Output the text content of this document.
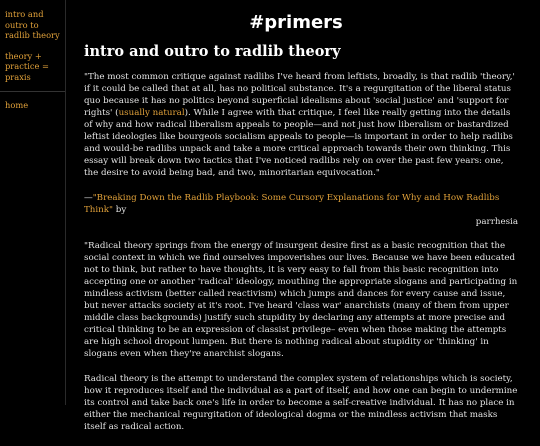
intro and outro to radlib theory
theory + practice = praxis
home
#primers
intro and outro to radlib theory

"The most common critique against radlibs I've heard from leftists, broadly, is that radlib 'theory,' if it could be called that at all, has no political substance. It's a regurgitation of the liberal status quo because it has no politics beyond superficial idealisms about 'social justice' and 'support for rights' (usually natural). While I agree with that critique, I feel like really getting into the details of why and how radical liberalism appeals to people—and not just how liberalism or bastardized leftist ideologies like bourgeois socialism appeals to people—is important in order to help radlibs and would-be radlibs unpack and take a more critical approach towards their own thinking. This essay will break down two tactics that I've noticed radlibs rely on over the past few years: one, the desire to avoid being bad, and two, minoritarian equivocation."

—"Breaking Down the Radlib Playbook: Some Cursory Explanations for Why and How Radlibs Think" by
parrhesia

"Radical theory springs from the energy of insurgent desire first as a basic recognition that the social context in which we find ourselves impoverishes our lives. Because we have been educated not to think, but rather to have thoughts, it is very easy to fall from this basic recognition into accepting one or another 'radical' ideology, mouthing the appropriate slogans and participating in mindless activism (better called reactivism) which jumps and dances for every cause and issue, but never attacks society at it's root. I've heard 'class war' anarchists (many of them from upper middle class backgrounds) justify such stupidity by declaring any attempts at more precise and critical thinking to be an expression of classist privilege– even when those making the attempts are high school dropout lumpen. But there is nothing radical about stupidity or 'thinking' in slogans even when they're anarchist slogans.

Radical theory is the attempt to understand the complex system of relationships which is society, how it reproduces itself and the individual as a part of itself, and how one can begin to undermine its control and take back one's life in order to become a self-creative individual. It has no place in either the mechanical regurgitation of ideological dogma or the mindless activism that masks itself as radical action.
